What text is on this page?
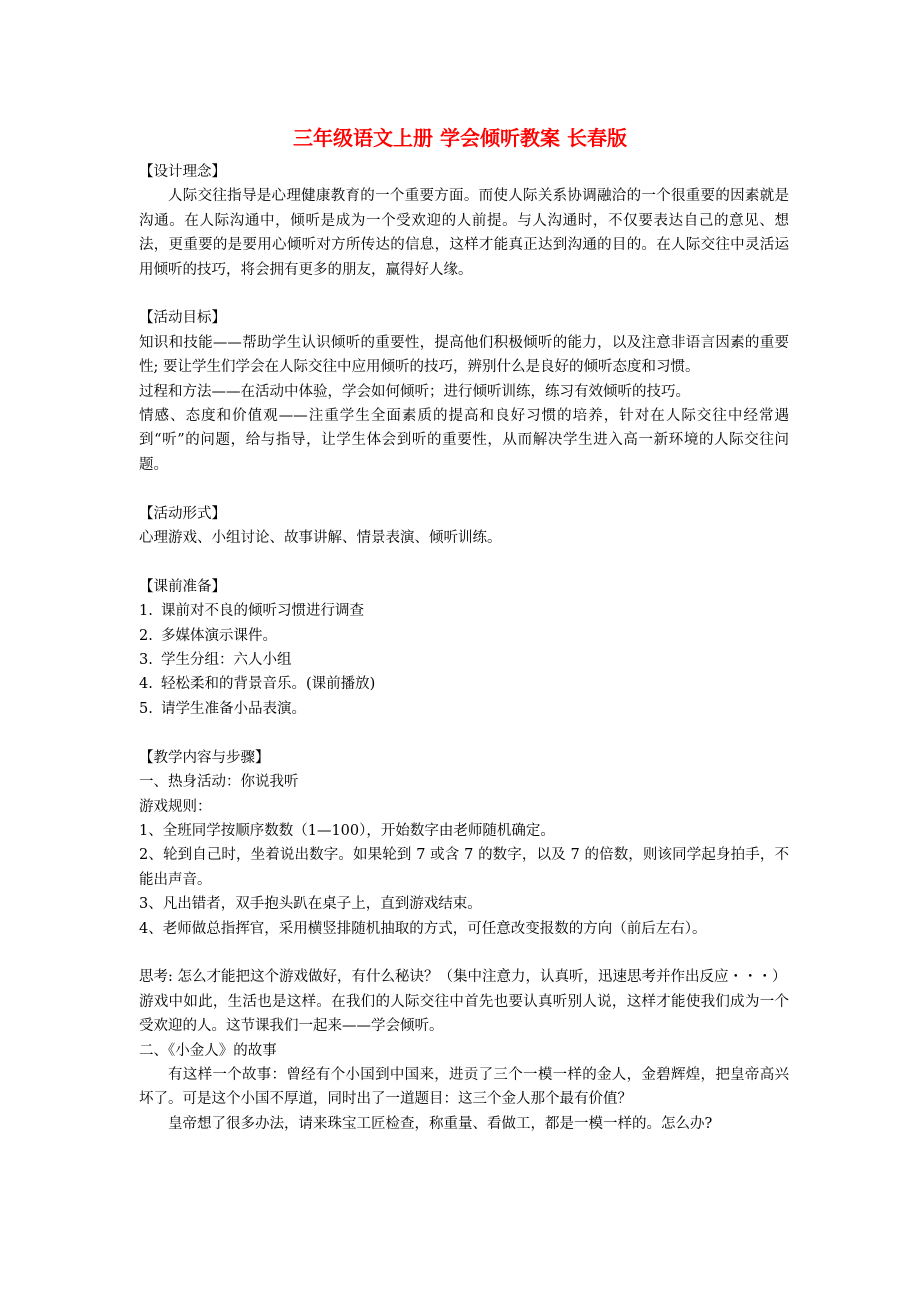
三年级语文上册 学会倾听教案 长春版

【设计理念】

人际交往指导是心理健康教育的一个重要方面。而使人际关系协调融洽的一个很重要的因素就是沟通。在人际沟通中，倾听是成为一个受欢迎的人前提。与人沟通时，不仅要表达自己的意见、想法，更重要的是要用心倾听对方所传达的信息，这样才能真正达到沟通的目的。在人际交往中灵活运用倾听的技巧，将会拥有更多的朋友，赢得好人缘。

【活动目标】

知识和技能——帮助学生认识倾听的重要性，提高他们积极倾听的能力，以及注意非语言因素的重要性; 要让学生们学会在人际交往中应用倾听的技巧，辨别什么是良好的倾听态度和习惯。

过程和方法——在活动中体验，学会如何倾听；进行倾听训练，练习有效倾听的技巧。

情感、态度和价值观——注重学生全面素质的提高和良好习惯的培养，针对在人际交往中经常遇到“听”的问题，给与指导，让学生体会到听的重要性，从而解决学生进入高一新环境的人际交往问题。

【活动形式】

心理游戏、小组讨论、故事讲解、情景表演、倾听训练。

【课前准备】

1. 课前对不良的倾听习惯进行调查
2. 多媒体演示课件。
3. 学生分组：六人小组
4. 轻松柔和的背景音乐。(课前播放)
5. 请学生准备小品表演。

【教学内容与步骤】

一、热身活动：你说我听

游戏规则：

1、全班同学按顺序数数（1—100），开始数字由老师随机确定。

2、轮到自己时，坐着说出数字。如果轮到 7 或含 7 的数字，以及 7 的倍数，则该同学起身拍手，不能出声音。

3、凡出错者，双手抱头趴在桌子上，直到游戏结束。

4、老师做总指挥官，采用横竖排随机抽取的方式，可任意改变报数的方向（前后左右）。

思考: 怎么才能把这个游戏做好，有什么秘诀？（集中注意力，认真听，迅速思考并作出反应・・・）

游戏中如此，生活也是这样。在我们的人际交往中首先也要认真听别人说，这样才能使我们成为一个受欢迎的人。这节课我们一起来——学会倾听。

二、《小金人》的故事

有这样一个故事：曾经有个小国到中国来，进贡了三个一模一样的金人，金碧辉煌，把皇帝高兴坏了。可是这个小国不厚道，同时出了一道题目：这三个金人那个最有价值？

皇帝想了很多办法，请来珠宝工匠检查，称重量、看做工，都是一模一样的。怎么办?
